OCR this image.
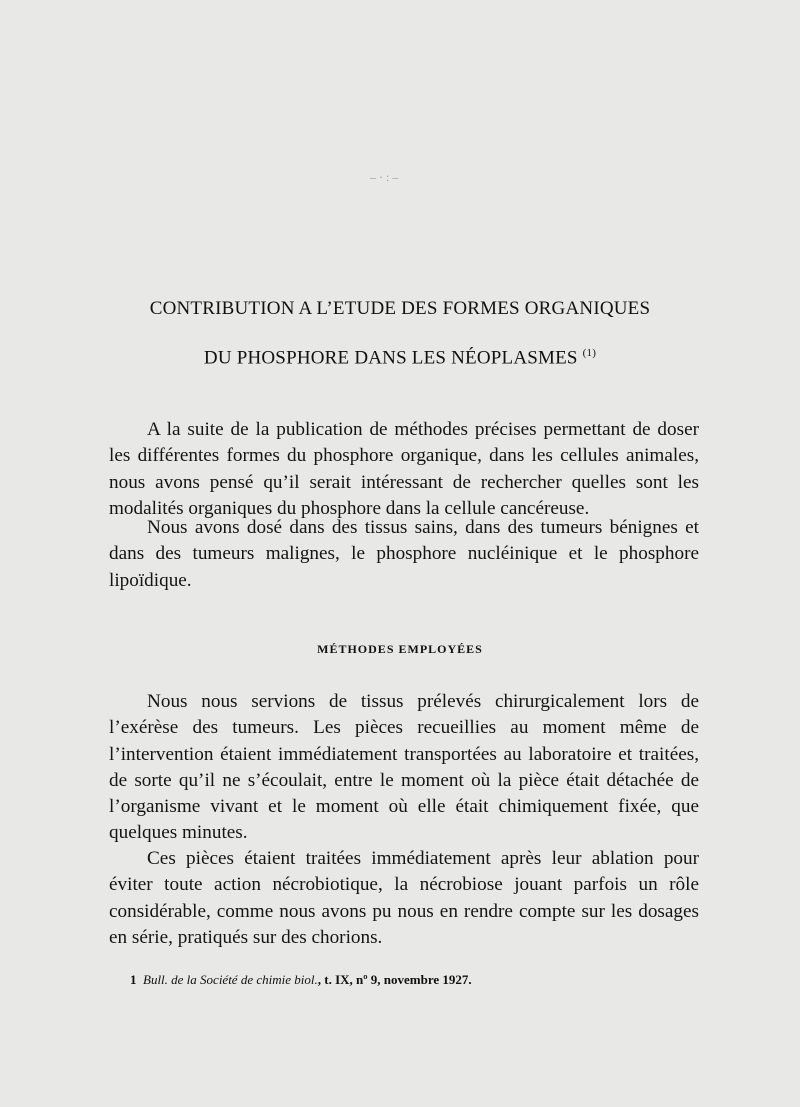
– · : –
CONTRIBUTION A L’ETUDE DES FORMES ORGANIQUES
DU PHOSPHORE DANS LES NÉOPLASMES $^{(1)}$
A la suite de la publication de méthodes précises permettant de doser les différentes formes du phosphore organique, dans les cellules animales, nous avons pensé qu’il serait intéressant de rechercher quelles sont les modalités organiques du phosphore dans la cellule cancéreuse.
Nous avons dosé dans des tissus sains, dans des tumeurs bénignes et dans des tumeurs malignes, le phosphore nucléinique et le phosphore lipoïdique.
MÉTHODES EMPLOYÉES
Nous nous servions de tissus prélevés chirurgicalement lors de l’exérèse des tumeurs. Les pièces recueillies au moment même de l’intervention étaient immédiatement transportées au laboratoire et traitées, de sorte qu’il ne s’écoulait, entre le moment où la pièce était détachée de l’organisme vivant et le moment où elle était chimiquement fixée, que quelques minutes.
Ces pièces étaient traitées immédiatement après leur ablation pour éviter toute action nécrobiotique, la nécrobiose jouant parfois un rôle considérable, comme nous avons pu nous en rendre compte sur les dosages en série, pratiqués sur des chorions.
1 Bull. de la Société de chimie biol., t. IX, nº 9, novembre 1927.
